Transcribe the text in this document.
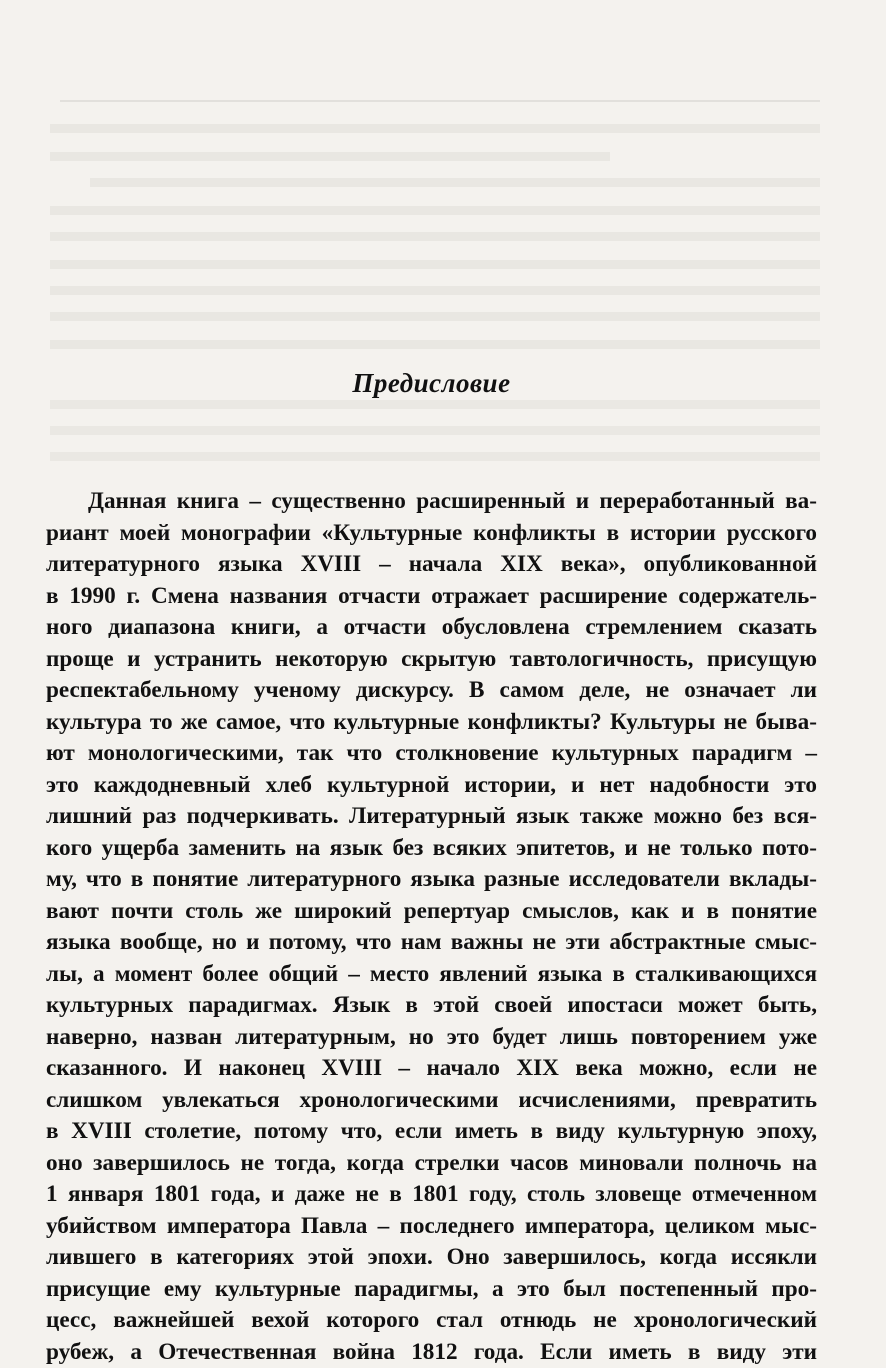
Предисловие
Данная книга – существенно расширенный и переработанный ва-
риант моей монографии «Культурные конфликты в истории русского
литературного языка XVIII – начала XIX века», опубликованной
в 1990 г. Смена названия отчасти отражает расширение содержатель-
ного диапазона книги, а отчасти обусловлена стремлением сказать
проще и устранить некоторую скрытую тавтологичность, присущую
респектабельному ученому дискурсу. В самом деле, не означает ли
культура то же самое, что культурные конфликты? Культуры не быва-
ют монологическими, так что столкновение культурных парадигм –
это каждодневный хлеб культурной истории, и нет надобности это
лишний раз подчеркивать. Литературный язык также можно без вся-
кого ущерба заменить на язык без всяких эпитетов, и не только пото-
му, что в понятие литературного языка разные исследователи вклады-
вают почти столь же широкий репертуар смыслов, как и в понятие
языка вообще, но и потому, что нам важны не эти абстрактные смыс-
лы, а момент более общий – место явлений языка в сталкивающихся
культурных парадигмах. Язык в этой своей ипостаси может быть,
наверно, назван литературным, но это будет лишь повторением уже
сказанного. И наконец XVIII – начало XIX века можно, если не
слишком увлекаться хронологическими исчислениями, превратить
в XVIII столетие, потому что, если иметь в виду культурную эпоху,
оно завершилось не тогда, когда стрелки часов миновали полночь на
1 января 1801 года, и даже не в 1801 году, столь зловеще отмеченном
убийством императора Павла – последнего императора, целиком мыс-
лившего в категориях этой эпохи. Оно завершилось, когда иссякли
присущие ему культурные парадигмы, а это был постепенный про-
цесс, важнейшей вехой которого стал отнюдь не хронологический
рубеж, а Отечественная война 1812 года. Если иметь в виду эти
